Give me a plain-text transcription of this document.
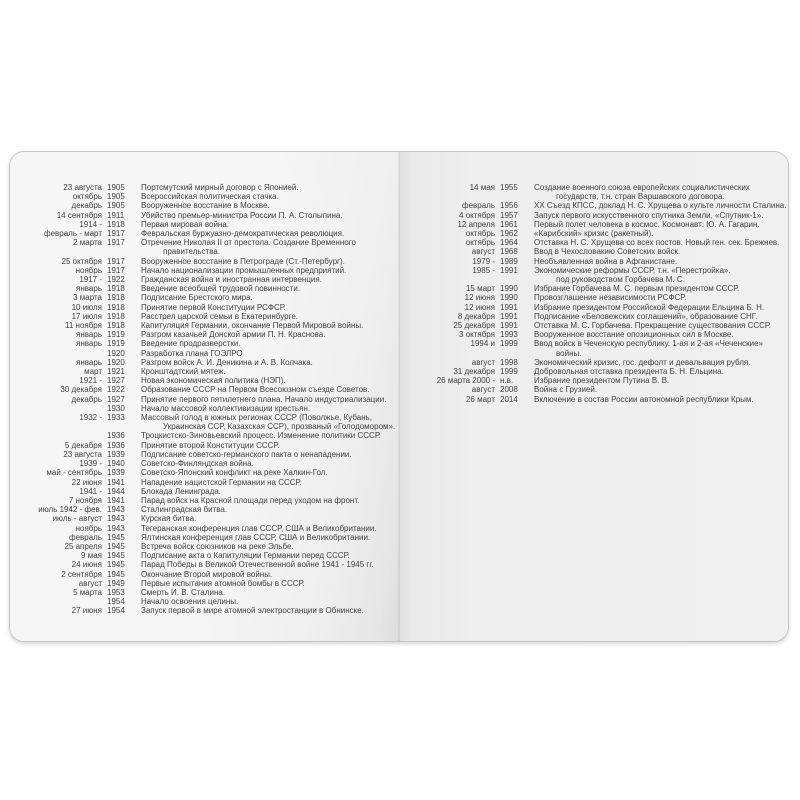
23 августа 1905	Портсмутский мирный договор с Японией.
октябрь 1905	Всероссийская политическая стачка.
декабрь 1905	Вооруженное восстание в Москве.
14 сентября 1911	Убийство премьер-министра России П. А. Столыпина.
1914 - 1918	Первая мировая война.
февраль - март 1917	Февральская буржуазно-демократическая революция.
2 марта 1917	Отречение Николая II от престола. Создание Временного
правительства.
25 октября 1917	Вооруженное восстание в Петрограде (Ст.-Петербург).
ноябрь 1917	Начало национализации промышленных предприятий.
1917 - 1922	Гражданская война и иностранная интервенция.
январь 1918	Введение всеобщей трудовой повинности.
3 марта 1918	Подписание Брестского мира.
10 июля 1918	Принятие первой Конституции РСФСР.
17 июля 1918	Расстрел царской семьи в Екатеринбурге.
11 ноября 1918	Капитуляция Германии, окончание Первой Мировой войны.
январь 1919	Разгром казачьей Донской армии П. Н. Краснова.
январь 1919	Введение продразверстки.
1920	Разработка плана ГОЭЛРО
январь 1920	Разгром войск А. И. Деникина и А. В. Колчака.
март 1921	Кронштадтский мятеж.
1921 - 1927	Новая экономическая политика (НЭП).
30 декабря 1922	Образование СССР на Первом Всесоюзном съезде Советов.
декабрь 1927	Принятие первого пятилетнего плана. Начало индустриализации.
1930	Начало массовой коллективизации крестьян.
1932 - 1933	Массовый голод в южных регионах СССР (Поволжье, Кубань,
Украинская ССР, Казахская ССР), прозваный «Голодомором».
1936	Троцкистско-Зиновьевский процесс. Изменение политики СССР.
5 декабря 1936	Принятие второй Конституции СССР.
23 августа 1939	Подписание советско-германского пакта о ненападении.
1939 - 1940	Советско-Финляндская война.
май - сентябрь 1939	Советско-Японский конфликт на реке Халкин-Гол.
22 июня 1941	Нападение нацистской Германии на СССР.
1941 - 1944	Блокада Ленинграда.
7 ноября 1941	Парад войск на Красной площади перед уходом на фронт.
июль 1942 - фев. 1943	Сталинградская битва.
июль - август 1943	Курская битва.
ноябрь 1943	Тегеранская конференция глав СССР, США и Великобритании.
февраль 1945	Ялтинская конференция глав СССР, США и Великобритании.
25 апреля 1945	Встреча войск союзников на реке Эльбе.
9 мая 1945	Подписание акта о Капитуляции Германии перед СССР.
24 июня 1945	Парад Победы в Великой Отечественной войне 1941 - 1945 гг.
2 сентября 1945	Окончание Второй мировой войны.
август 1949	Первые испытания атомной бомбы в СССР.
5 марта 1953	Смерть И. В. Сталина.
1954	Начало освоения целины.
27 июня 1954	Запуск первой в мире атомной электростанции в Обнинске.
14 мая 1955	Создание военного союза европейских социалистических
государств, т.н. стран Варшавского договора.
февраль 1956	XX Съезд КПСС, доклад Н. С. Хрущева о культе личности Сталина.
4 октября 1957	Запуск первого искусственного спутника Земли, «Спутник-1».
12 апреля 1961	Первый полет человека в космос. Космонавт: Ю. А. Гагарин.
октябрь 1962	«Карибский» кризис (ракетный).
октябрь 1964	Отставка Н. С. Хрущева со всех постов. Новый ген. сек. Брежнев.
август 1968	Ввод в Чехословакию Советских войск.
1979 - 1989	Необъявленная война в Афганистане.
1985 - 1991	Экономические реформы СССР, т.н. «Перестройка».
под руководством Горбачева М. С.
15 март 1990	Избрание Горбачева М. С. первым президентом СССР.
12 июня 1990	Провозглашение независимости РСФСР.
12 июня 1991	Избрание президентом Российской Федерации Ельцина Б. Н.
8 декабря 1991	Подписание «Беловежских соглашений», образование СНГ.
25 декабря 1991	Отставка М. С. Горбачева. Прекращение существования СССР.
3 октября 1993	Вооруженное восстание опозиционных сил в Москве.
1994 и 1999	Ввод войск в Чеченскую республику. 1-ая и 2-ая «Чеченские»
войны.
август 1998	Экономический кризис, гос. дефолт и девальвация рубля.
31 декабря 1999	Добровольная отставка президента Б. Н. Ельцина.
26 марта 2000 - н.в.	Избрание президентом Путина В. В.
август 2008	Война с Грузией.
26 март 2014	Включение в состав России автономной республики Крым.
